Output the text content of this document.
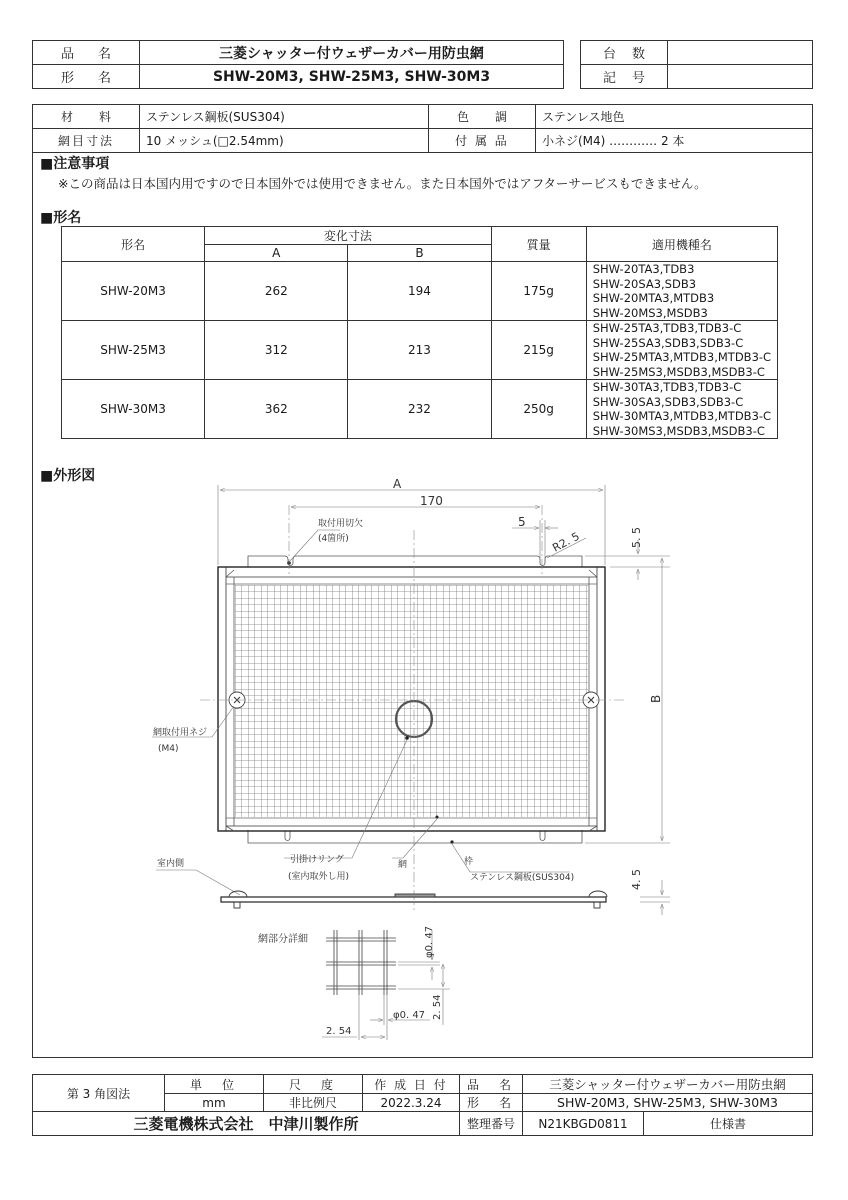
品 名	三菱シャッター付ウェザーカバー用防虫網

形 名	SHW-20M3, SHW-25M3, SHW-30M3
台 数	

記 号	

材 料	ステンレス鋼板(SUS304)	色 調	ステンレス地色
網目寸法	10 メッシュ(□2.54mm)	付 属 品	小ネジ(M4) ………… 2 本
■注意事項
※この商品は日本国内用ですので日本国外では使用できません。また日本国外ではアフターサービスもできません。
■形名
形名	変化寸法		質量	適用機種名
	A	B		
SHW-20M3	262	194	175g	SHW-20TA3,TDB3
SHW-20SA3,SDB3
SHW-20MTA3,MTDB3
SHW-20MS3,MSDB3

SHW-25M3	312	213	215g	SHW-25TA3,TDB3,TDB3-C
SHW-25SA3,SDB3,SDB3-C
SHW-25MTA3,MTDB3,MTDB3-C
SHW-25MS3,MSDB3,MSDB3-C

SHW-30M3	362	232	250g	SHW-30TA3,TDB3,TDB3-C
SHW-30SA3,SDB3,SDB3-C
SHW-30MTA3,MTDB3,MTDB3-C
SHW-30MS3,MSDB3,MSDB3-C
■外形図	A
170
5
R2. 5	5. 5
B
4. 5
取付用切欠
(4箇所)
網取付用ネジ
(M4)
室内側	引掛けリング
(室内取外し用)
網	枠
ステンレス鋼板(SUS304)
網部分詳細	φ0. 47
2. 54
φ0. 47
2. 54
第 3 角図法	単　位	尺　度	作 成 日 付	品　名	三菱シャッター付ウェザーカバー用防虫網	
	mm	非比例尺	2022.3.24	形　名	SHW-20M3, SHW-25M3, SHW-30M3	
三菱電機株式会社　中津川製作所				整理番号	N21KBGD0811	仕様書
